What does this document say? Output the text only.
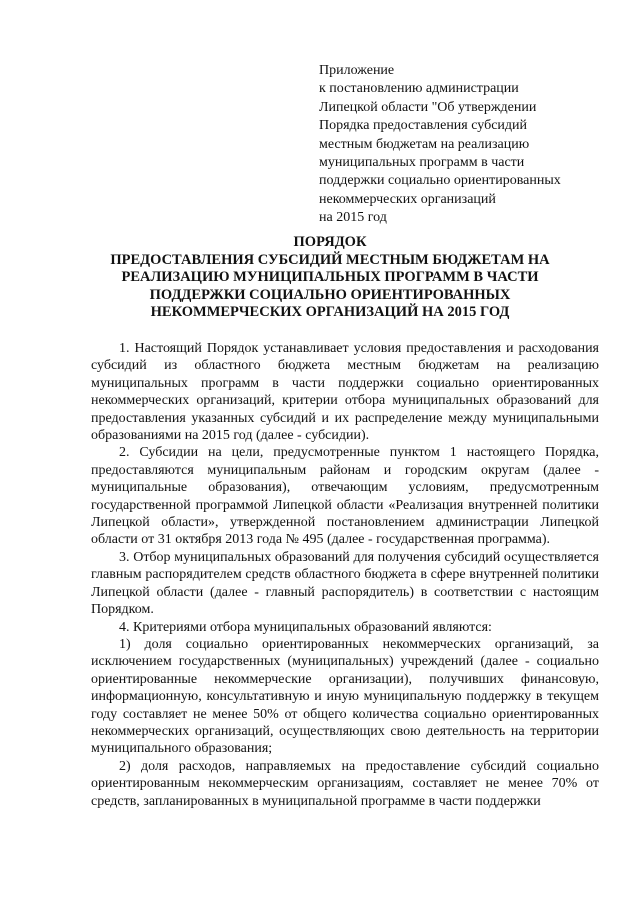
Приложение
к постановлению администрации
Липецкой области "Об утверждении
Порядка предоставления субсидий
местным бюджетам на реализацию
муниципальных программ в части
поддержки социально ориентированных
некоммерческих организаций
на 2015 год
ПОРЯДОК
ПРЕДОСТАВЛЕНИЯ СУБСИДИЙ МЕСТНЫМ БЮДЖЕТАМ НА
РЕАЛИЗАЦИЮ МУНИЦИПАЛЬНЫХ ПРОГРАММ В ЧАСТИ
ПОДДЕРЖКИ СОЦИАЛЬНО ОРИЕНТИРОВАННЫХ
НЕКОММЕРЧЕСКИХ ОРГАНИЗАЦИЙ НА 2015 ГОД

1. Настоящий Порядок устанавливает условия предоставления и расходования субсидий из областного бюджета местным бюджетам на реализацию муниципальных программ в части поддержки социально ориентированных некоммерческих организаций, критерии отбора муниципальных образований для предоставления указанных субсидий и их распределение между муниципальными образованиями на 2015 год (далее - субсидии).

2. Субсидии на цели, предусмотренные пунктом 1 настоящего Порядка, предоставляются муниципальным районам и городским округам (далее - муниципальные образования), отвечающим условиям, предусмотренным государственной программой Липецкой области «Реализация внутренней политики Липецкой области», утвержденной постановлением администрации Липецкой области от 31 октября 2013 года № 495 (далее - государственная программа).

3. Отбор муниципальных образований для получения субсидий осуществляется главным распорядителем средств областного бюджета в сфере внутренней политики Липецкой области (далее - главный распорядитель) в соответствии с настоящим Порядком.

4. Критериями отбора муниципальных образований являются:

1) доля социально ориентированных некоммерческих организаций, за исключением государственных (муниципальных) учреждений (далее - социально ориентированные некоммерческие организации), получивших финансовую, информационную, консультативную и иную муниципальную поддержку в текущем году составляет не менее 50% от общего количества социально ориентированных некоммерческих организаций, осуществляющих свою деятельность на территории муниципального образования;

2) доля расходов, направляемых на предоставление субсидий социально ориентированным некоммерческим организациям, составляет не менее 70% от средств, запланированных в муниципальной программе в части поддержки
